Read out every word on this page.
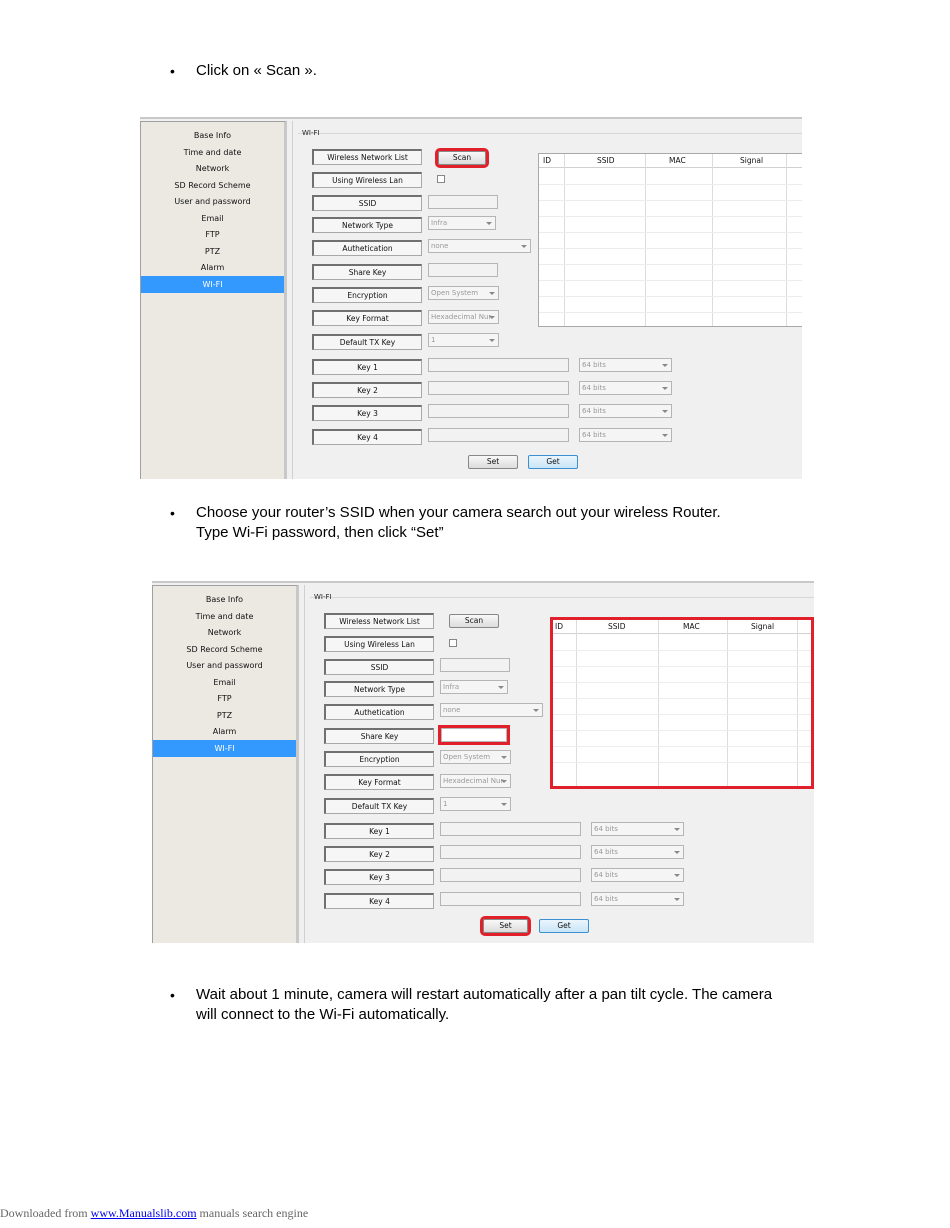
• Click on « Scan ».
Base Info
Time and date
Network
SD Record Scheme
User and password
Email
FTP
PTZ
Alarm
WI-FI
WI-FI
Wireless Network List	Scan
Using Wireless Lan
SSID
Network Type	Infra
Authetication	none
Share Key
Encryption	Open System
Key Format	Hexadecimal Nur
Default TX Key	1
Key 1	64 bits
Key 2	64 bits
Key 3	64 bits
Key 4	64 bits
Set	Get
ID	SSID	MAC	Signal
• Choose your router’s SSID when your camera search out your wireless Router.
Type Wi-Fi password, then click “Set”
Base Info
Time and date
Network
SD Record Scheme
User and password
Email
FTP
PTZ
Alarm
WI-FI
WI-FI
Wireless Network List	Scan
Using Wireless Lan
SSID
Network Type	Infra
Authetication	none
Share Key
Encryption	Open System
Key Format	Hexadecimal Nur
Default TX Key	1
Key 1	64 bits
Key 2	64 bits
Key 3	64 bits
Key 4	64 bits
Set	Get
ID	SSID	MAC	Signal
• Wait about 1 minute, camera will restart automatically after a pan tilt cycle. The camera
will connect to the Wi-Fi automatically.
Downloaded from www.Manualslib.com manuals search engine
